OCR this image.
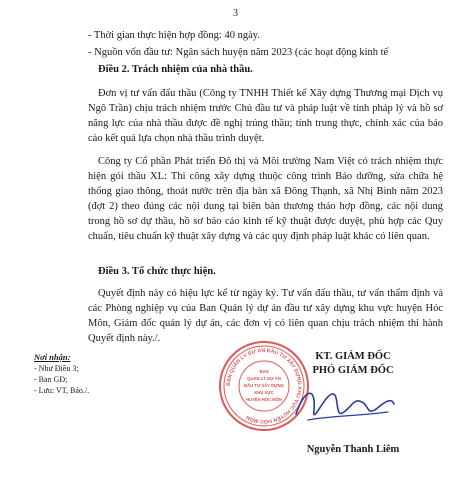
3
- Thời gian thực hiện hợp đồng: 40 ngày.
- Nguồn vốn đầu tư: Ngân sách huyện năm 2023 (các hoạt động kinh tế
Điều 2. Trách nhiệm của nhà thầu.
Đơn vị tư vấn đấu thầu (Công ty TNHH Thiết kế Xây dựng Thương mại Dịch vụ Ngô Trần) chịu trách nhiệm trước Chủ đầu tư và pháp luật về tính pháp lý và hồ sơ năng lực của nhà thầu được đề nghị trúng thầu; tính trung thực, chính xác của báo cáo kết quả lựa chọn nhà thầu trình duyệt.
Công ty Cổ phần Phát triển Đô thị và Môi trường Nam Việt có trách nhiệm thực hiện gói thầu XL: Thi công xây dựng thuộc công trình Bảo dưỡng, sửa chữa hệ thống giao thông, thoát nước trên địa bàn xã Đông Thạnh, xã Nhị Bình năm 2023 (đợt 2) theo đúng các nội dung tại biên bản thương thảo hợp đồng, các nội dung trong hồ sơ dự thầu, hồ sơ báo cáo kinh tế kỹ thuật được duyệt, phù hợp các Quy chuẩn, tiêu chuẩn kỹ thuật xây dựng và các quy định pháp luật khác có liên quan.
Điều 3. Tổ chức thực hiện.
Quyết định này có hiệu lực kể từ ngày ký. Tư vấn đấu thầu, tư vấn thẩm định và các Phòng nghiệp vụ của Ban Quản lý dự án đầu tư xây dựng khu vực huyện Hóc Môn, Giám đốc quản lý dự án, các đơn vị có liên quan chịu trách nhiệm thi hành Quyết định này./.
Nơi nhận:
- Như Điều 3;
- Ban GĐ;
- Lưu: VT, Bảo./.
KT. GIÁM ĐỐC
PHÓ GIÁM ĐỐC
BAN QUẢN LÝ DỰ ÁN ĐẦU TƯ XÂY DỰNG KHU VỰC HUYỆN HÓC MÔN
BAN
QUẢN LÝ DỰ ÁN
ĐẦU TƯ XÂY DỰNG
KHU VỰC
HUYỆN HÓC MÔN
Nguyễn Thanh Liêm
